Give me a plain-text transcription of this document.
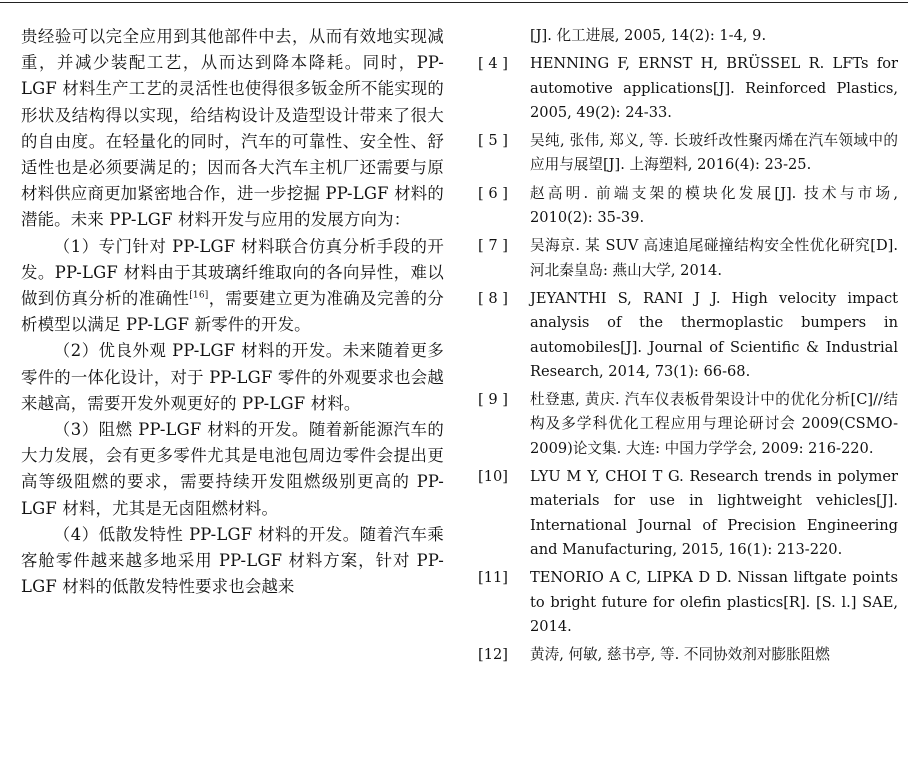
贵经验可以完全应用到其他部件中去，从而有效地实现减重，并减少装配工艺，从而达到降本降耗。同时，PP-LGF 材料生产工艺的灵活性也使得很多钣金所不能实现的形状及结构得以实现，给结构设计及造型设计带来了很大的自由度。在轻量化的同时，汽车的可靠性、安全性、舒适性也是必须要满足的；因而各大汽车主机厂还需要与原材料供应商更加紧密地合作，进一步挖掘 PP-LGF 材料的潜能。未来 PP-LGF 材料开发与应用的发展方向为：

（1）专门针对 PP-LGF 材料联合仿真分析手段的开发。PP-LGF 材料由于其玻璃纤维取向的各向异性，难以做到仿真分析的准确性[16]，需要建立更为准确及完善的分析模型以满足 PP-LGF 新零件的开发。

（2）优良外观 PP-LGF 材料的开发。未来随着更多零件的一体化设计，对于 PP-LGF 零件的外观要求也会越来越高，需要开发外观更好的 PP-LGF 材料。

（3）阻燃 PP-LGF 材料的开发。随着新能源汽车的大力发展，会有更多零件尤其是电池包周边零件会提出更高等级阻燃的要求，需要持续开发阻燃级别更高的 PP-LGF 材料，尤其是无卤阻燃材料。

（4）低散发特性 PP-LGF 材料的开发。随着汽车乘客舱零件越来越多地采用 PP-LGF 材料方案，针对 PP-LGF 材料的低散发特性要求也会越来

[J]. 化工进展, 2005, 14(2): 1-4, 9.
[ 4 ]	HENNING F, ERNST H, BRÜSSEL R. LFTs for automotive applications[J]. Reinforced Plastics, 2005, 49(2): 24-33.
[ 5 ]	吴纯, 张伟, 郑义, 等. 长玻纤改性聚丙烯在汽车领域中的应用与展望[J]. 上海塑料, 2016(4): 23-25.
[ 6 ]	赵高明. 前端支架的模块化发展[J]. 技术与市场, 2010(2): 35-39.
[ 7 ]	吴海京. 某 SUV 高速追尾碰撞结构安全性优化研究[D]. 河北秦皇岛: 燕山大学, 2014.
[ 8 ]	JEYANTHI S, RANI J J. High velocity impact analysis of the thermoplastic bumpers in automobiles[J]. Journal of Scientific & Industrial Research, 2014, 73(1): 66-68.
[ 9 ]	杜登惠, 黄庆. 汽车仪表板骨架设计中的优化分析[C]//结构及多学科优化工程应用与理论研讨会 2009(CSMO-2009)论文集. 大连: 中国力学学会, 2009: 216-220.
[10]	LYU M Y, CHOI T G. Research trends in polymer materials for use in lightweight vehicles[J]. International Journal of Precision Engineering and Manufacturing, 2015, 16(1): 213-220.
[11]	TENORIO A C, LIPKA D D. Nissan liftgate points to bright future for olefin plastics[R]. [S. l.] SAE, 2014.
[12]	黄涛, 何敏, 慈书亭, 等. 不同协效剂对膨胀阻燃
